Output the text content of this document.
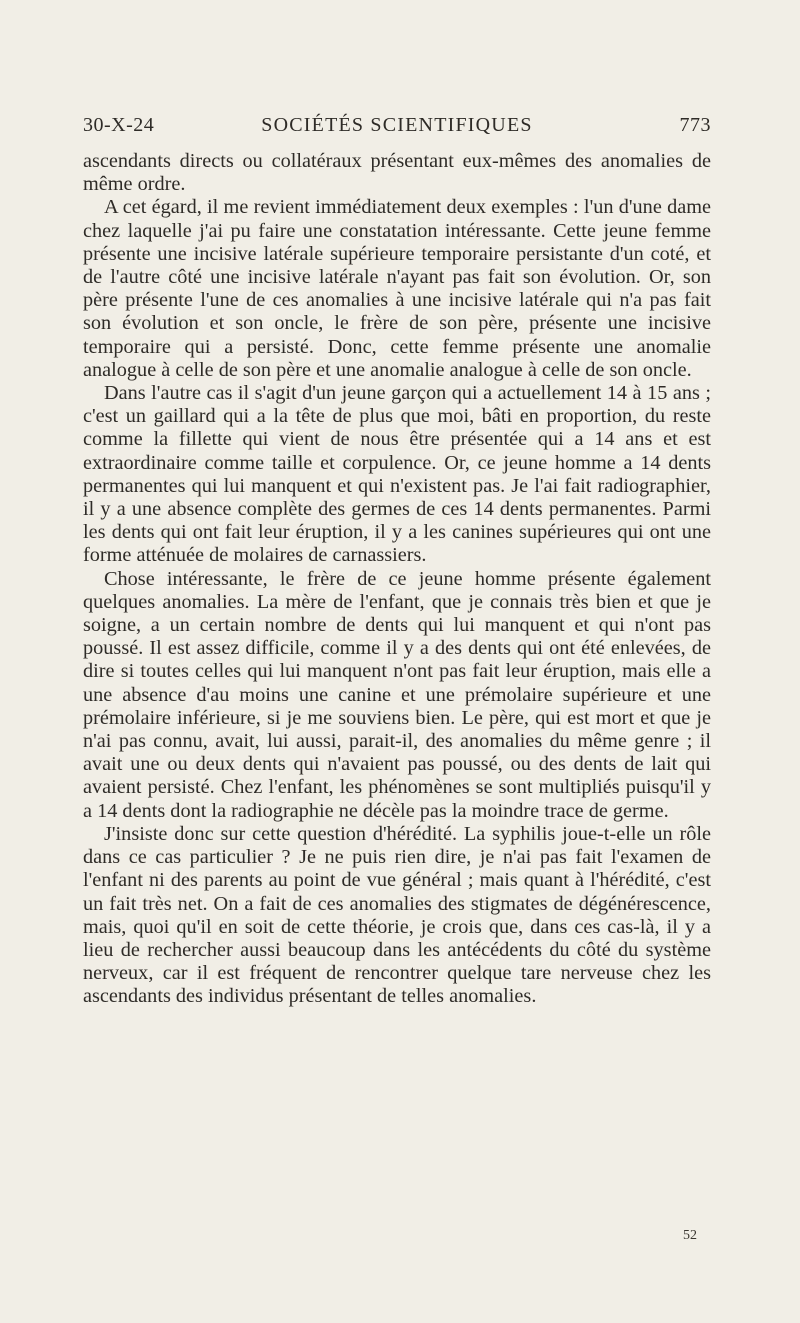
30-X-24	SOCIÉTÉS SCIENTIFIQUES	773

ascendants directs ou collatéraux présentant eux-mêmes des anomalies de même ordre.

A cet égard, il me revient immédiatement deux exemples : l'un d'une dame chez laquelle j'ai pu faire une constatation intéressante. Cette jeune femme présente une incisive latérale supérieure temporaire persistante d'un coté, et de l'autre côté une incisive latérale n'ayant pas fait son évolution. Or, son père présente l'une de ces anomalies à une incisive latérale qui n'a pas fait son évolution et son oncle, le frère de son père, présente une incisive temporaire qui a persisté. Donc, cette femme présente une anomalie analogue à celle de son père et une anomalie analogue à celle de son oncle.

Dans l'autre cas il s'agit d'un jeune garçon qui a actuellement 14 à 15 ans ; c'est un gaillard qui a la tête de plus que moi, bâti en proportion, du reste comme la fillette qui vient de nous être présentée qui a 14 ans et est extraordinaire comme taille et corpulence. Or, ce jeune homme a 14 dents permanentes qui lui manquent et qui n'existent pas. Je l'ai fait radiographier, il y a une absence complète des germes de ces 14 dents permanentes. Parmi les dents qui ont fait leur éruption, il y a les canines supérieures qui ont une forme atténuée de molaires de carnassiers.

Chose intéressante, le frère de ce jeune homme présente également quelques anomalies. La mère de l'enfant, que je connais très bien et que je soigne, a un certain nombre de dents qui lui manquent et qui n'ont pas poussé. Il est assez difficile, comme il y a des dents qui ont été enlevées, de dire si toutes celles qui lui manquent n'ont pas fait leur éruption, mais elle a une absence d'au moins une canine et une prémolaire supérieure et une prémolaire inférieure, si je me souviens bien. Le père, qui est mort et que je n'ai pas connu, avait, lui aussi, parait-il, des anomalies du même genre ; il avait une ou deux dents qui n'avaient pas poussé, ou des dents de lait qui avaient persisté. Chez l'enfant, les phénomènes se sont multipliés puisqu'il y a 14 dents dont la radiographie ne décèle pas la moindre trace de germe.

J'insiste donc sur cette question d'hérédité. La syphilis joue-t-elle un rôle dans ce cas particulier ? Je ne puis rien dire, je n'ai pas fait l'examen de l'enfant ni des parents au point de vue général ; mais quant à l'hérédité, c'est un fait très net. On a fait de ces anomalies des stigmates de dégénérescence, mais, quoi qu'il en soit de cette théorie, je crois que, dans ces cas-là, il y a lieu de rechercher aussi beaucoup dans les antécédents du côté du système nerveux, car il est fréquent de rencontrer quelque tare nerveuse chez les ascendants des individus présentant de telles anomalies.

52
